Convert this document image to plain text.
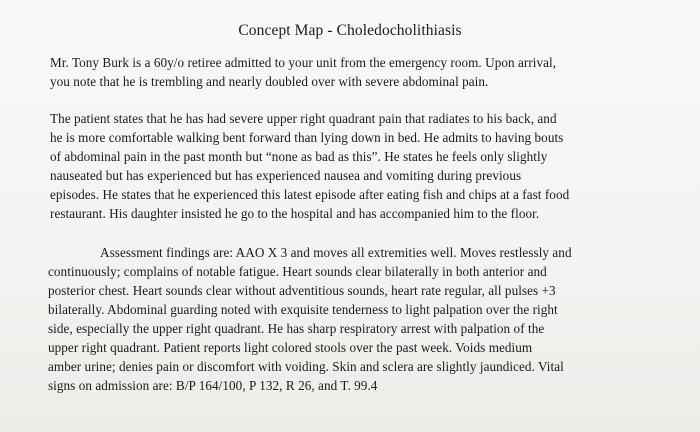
Concept Map - Choledocholithiasis
Mr. Tony Burk is a 60y/o retiree admitted to your unit from the emergency room. Upon arrival,
you note that he is trembling and nearly doubled over with severe abdominal pain.
The patient states that he has had severe upper right quadrant pain that radiates to his back, and
he is more comfortable walking bent forward than lying down in bed. He admits to having bouts
of abdominal pain in the past month but “none as bad as this”. He states he feels only slightly
nauseated but has experienced but has experienced nausea and vomiting during previous
episodes. He states that he experienced this latest episode after eating fish and chips at a fast food
restaurant. His daughter insisted he go to the hospital and has accompanied him to the floor.
Assessment findings are: AAO X 3 and moves all extremities well. Moves restlessly and
continuously; complains of notable fatigue. Heart sounds clear bilaterally in both anterior and
posterior chest. Heart sounds clear without adventitious sounds, heart rate regular, all pulses +3
bilaterally. Abdominal guarding noted with exquisite tenderness to light palpation over the right
side, especially the upper right quadrant. He has sharp respiratory arrest with palpation of the
upper right quadrant. Patient reports light colored stools over the past week. Voids medium
amber urine; denies pain or discomfort with voiding. Skin and sclera are slightly jaundiced. Vital
signs on admission are: B/P 164/100, P 132, R 26, and T. 99.4
